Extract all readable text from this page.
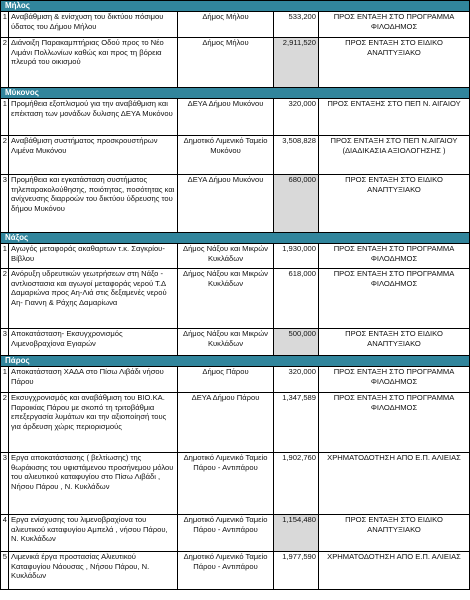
Μήλος				
1	Αναβάθμιση & ενίσχυση του δικτύου πόσιμου ύδατος του Δήμου Μήλου	Δήμος Μήλου	533,200	ΠΡΟΣ ΕΝΤΑΞΗ ΣΤΟ ΠΡΟΓΡΑΜΜΑ ΦΙΛΟΔΗΜΟΣ
2	Διάνοιξη Παρακαμπτήριας Οδού προς το Νέο Λιμάνι Πολλωνίων καθώς και προς τη βόρεια πλευρά του οικισμού	Δήμος Μήλου	2,911,520	ΠΡΟΣ ΕΝΤΑΞΗ ΣΤΟ ΕΙΔΙΚΟ ΑΝΑΠΤΥΞΙΑΚΟ
Μύκονος				
1	Προμήθεια εξοπλισμού για την αναβάθμιση και επέκταση των μονάδων δυλισης ΔΕΥΑ Μυκόνου	ΔΕΥΑ Δήμου Μυκόνου	320,000	ΠΡΟΣ ΕΝΤΑΞΗΣ ΣΤΟ ΠΕΠ Ν. ΑΙΓΑΙΟΥ
2	Αναβάθμιση συστήματος προσκρουστήρων Λιμένα Μυκόνου	Δημοτικό Λιμενικό Ταμείο Μυκόνου	3,508,828	ΠΡΟΣ ΕΝΤΑΞΗ ΣΤΟ ΠΕΠ Ν.ΑΙΓΑΙΟΥ (ΔΙΑΔΙΚΑΣΙΑ ΑΞΙΟΛΟΓΗΣΗΣ )
3	Προμήθεια και εγκατάσταση συστήματος τηλεπαρακολούθησης, ποιότητας, ποσότητας και ανίχνευσης διαρροών του δικτύου ύδρευσης του δήμου Μυκόνου	ΔΕΥΑ Δήμου Μυκόνου	680,000	ΠΡΟΣ ΕΝΤΑΞΗ ΣΤΟ ΕΙΔΙΚΟ ΑΝΑΠΤΥΞΙΑΚΟ
Νάξος				
1	Αγωγός μεταφοράς ακαθαρτων τ.κ. Σαγκρίου- Βίβλου	Δήμος Νάξου και Μικρών Κυκλάδων	1,930,000	ΠΡΟΣ ΕΝΤΑΞΗ ΣΤΟ ΠΡΟΓΡΑΜΜΑ ΦΙΛΟΔΗΜΟΣ
2	Ανόρυξη υδρευτικών γεωτρήσεων στη Νάξο - αντλιοστασια και αγωγοί μεταφοράς νερού Τ.Δ Δαμαριώνα προς Αη-Λιά στις δεξαμενές νερού Αη- Γιαννη & Ράχης Δαμαρίωνα	Δήμος Νάξου και Μικρών Κυκλάδων	618,000	ΠΡΟΣ ΕΝΤΑΞΗ ΣΤΟ ΠΡΟΓΡΑΜΜΑ ΦΙΛΟΔΗΜΟΣ
3	Αποκατάσταση- Εκσυγχρονισμός Λιμενοβραχίονα Εγιαρών	Δήμος Νάξου και Μικρών Κυκλάδων	500,000	ΠΡΟΣ ΕΝΤΑΞΗ ΣΤΟ ΕΙΔΙΚΟ ΑΝΑΠΤΥΞΙΑΚΟ
Πάρος				
1	Αποκατάσταση ΧΑΔΑ στο Πίσω Λιβάδι νήσου Πάρου	Δήμος Πάρου	320,000	ΠΡΟΣ ΕΝΤΑΞΗ ΣΤΟ ΠΡΟΓΡΑΜΜΑ ΦΙΛΟΔΗΜΟΣ
2	Εκσυγχρονισμός και αναβάθμιση του ΒΙΟ.ΚΑ. Παροικίας Πάρου με σκοπό τη τριτοβάθμια επεξεργασία λυμάτων και την αξιοποίησή τους για άρδευση χώρις περιορισμούς	ΔΕΥΑ Δήμου Πάρου	1,347,589	ΠΡΟΣ ΕΝΤΑΞΗ ΣΤΟ ΠΡΟΓΡΑΜΜΑ ΦΙΛΟΔΗΜΟΣ
3	Εργα αποκατάστασης ( βελτίωσης) της θωράκισης του υφιστάμενου προσήνεμου μόλου του αλιευτικού καταφυγίου στο Πίσω Λιβάδι , Νήσου Πάρου , Ν. Κυκλάδων	Δημοτικό Λιμενικό Ταμείο Πάρου - Αντιπάρου	1,902,760	ΧΡΗΜΑΤΟΔΟΤΗΣΗ ΑΠΟ Ε.Π. ΑΛΙΕΙΑΣ
4	Εργα ενίσχυσης του λιμενοβραχίονα του αλιευτικού καταφυγίου Αμπελά , νήσου Πάρου, Ν. Κυκλάδων	Δημοτικό Λιμενικό Ταμείο Πάρου - Αντιπάρου	1,154,480	ΠΡΟΣ ΕΝΤΑΞΗ ΣΤΟ ΕΙΔΙΚΟ ΑΝΑΠΤΥΞΙΑΚΟ
5	Λιμενικά έργα προστασίας Αλιευτικού Καταφυγίου Νάουσας , Νήσου Πάρου, Ν. Κυκλάδων	Δημοτικό Λιμενικό Ταμείο Πάρου - Αντιπάρου	1,977,590	ΧΡΗΜΑΤΟΔΟΤΗΣΗ ΑΠΟ Ε.Π. ΑΛΙΕΙΑΣ
